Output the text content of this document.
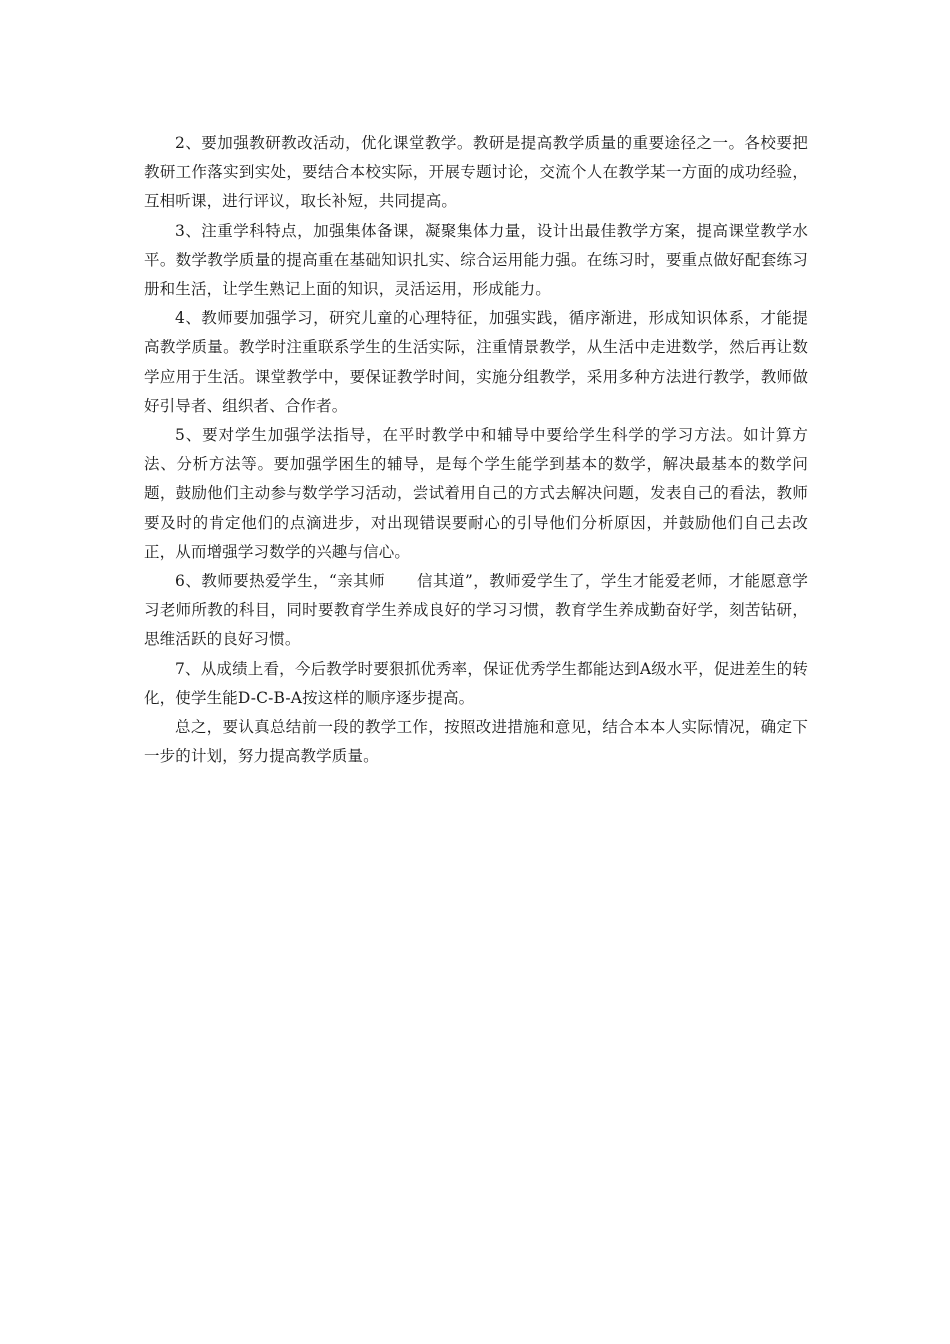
2、要加强教研教改活动，优化课堂教学。教研是提高教学质量的重要途径之一。各校要把教研工作落实到实处，要结合本校实际，开展专题讨论，交流个人在教学某一方面的成功经验，互相听课，进行评议，取长补短，共同提高。

3、注重学科特点，加强集体备课，凝聚集体力量，设计出最佳教学方案，提高课堂教学水平。数学教学质量的提高重在基础知识扎实、综合运用能力强。在练习时，要重点做好配套练习册和生活，让学生熟记上面的知识，灵活运用，形成能力。

4、教师要加强学习，研究儿童的心理特征，加强实践，循序渐进，形成知识体系，才能提高教学质量。教学时注重联系学生的生活实际，注重情景教学，从生活中走进数学，然后再让数学应用于生活。课堂教学中，要保证教学时间，实施分组教学，采用多种方法进行教学，教师做好引导者、组织者、合作者。

5、要对学生加强学法指导，在平时教学中和辅导中要给学生科学的学习方法。如计算方法、分析方法等。要加强学困生的辅导，是每个学生能学到基本的数学，解决最基本的数学问题，鼓励他们主动参与数学学习活动，尝试着用自己的方式去解决问题，发表自己的看法，教师要及时的肯定他们的点滴进步，对出现错误要耐心的引导他们分析原因，并鼓励他们自己去改正，从而增强学习数学的兴趣与信心。

6、教师要热爱学生，“亲其师　　信其道”，教师爱学生了，学生才能爱老师，才能愿意学习老师所教的科目，同时要教育学生养成良好的学习习惯，教育学生养成勤奋好学，刻苦钻研，思维活跃的良好习惯。

7、从成绩上看，今后教学时要狠抓优秀率，保证优秀学生都能达到A级水平，促进差生的转化，使学生能D-C-B-A按这样的顺序逐步提高。

总之，要认真总结前一段的教学工作，按照改进措施和意见，结合本本人实际情况，确定下一步的计划，努力提高教学质量。
